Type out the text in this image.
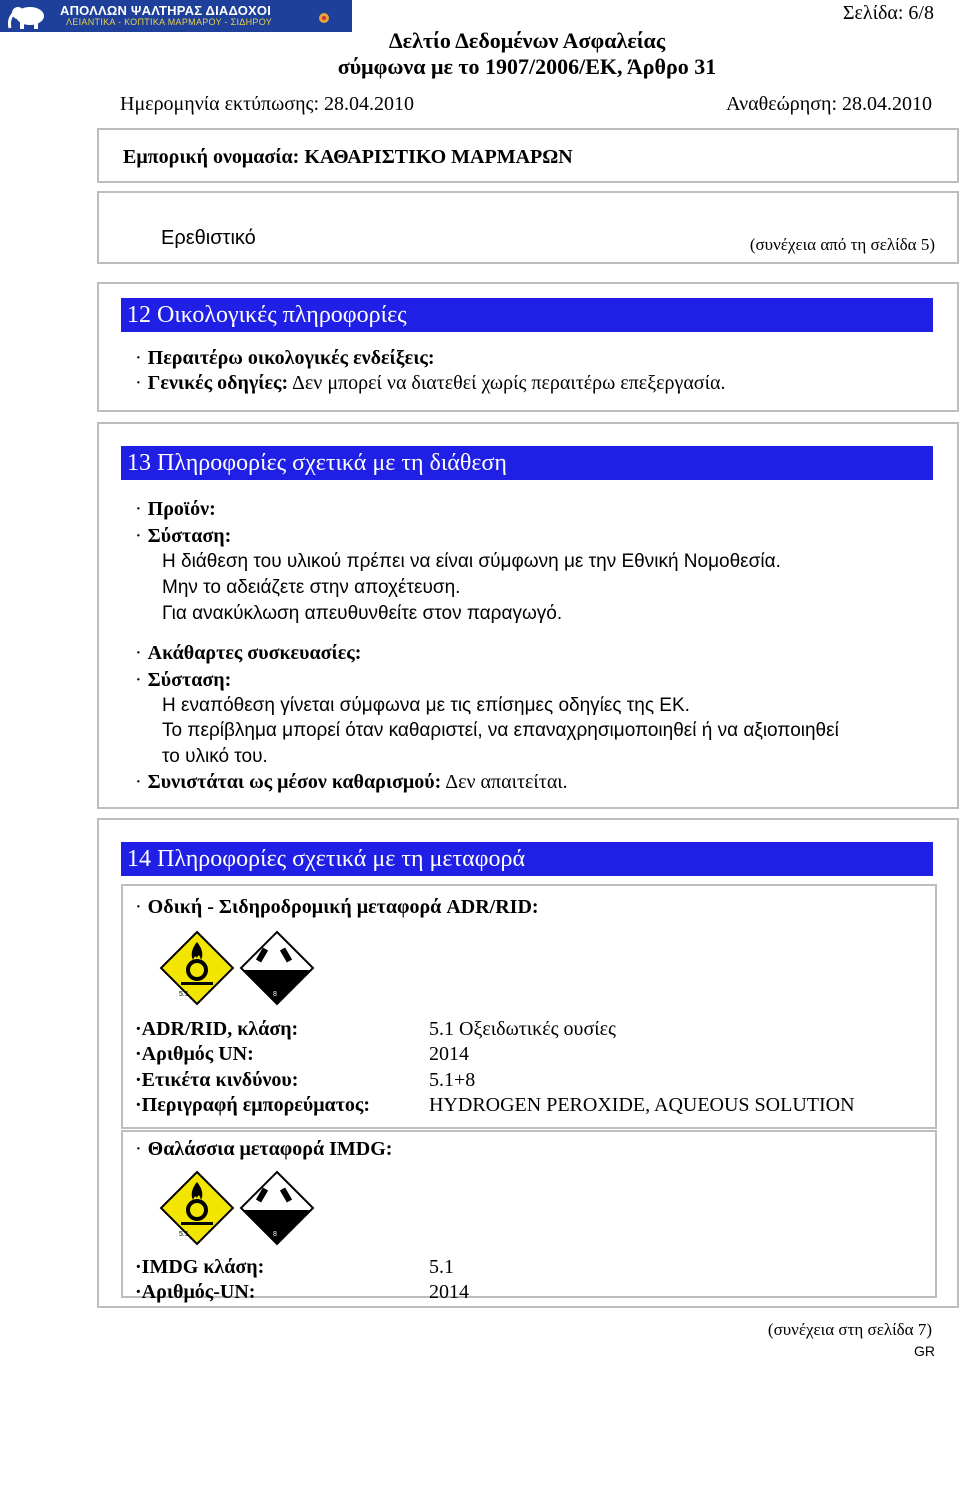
ΑΠΟΛΛΩΝ ΨΑΛΤΗΡΑΣ ΔΙΑΔΟΧΟΙ
ΛΕΙΑΝΤΙΚΑ - ΚΟΠΤΙΚΑ ΜΑΡΜΑΡΟΥ - ΣΙΔΗΡΟΥ	Σελίδα: 6/8
Δελτίο Δεδομένων Ασφαλείας
σύμφωνα με το 1907/2006/ΕΚ, Άρθρο 31
Ημερομηνία εκτύπωσης: 28.04.2010	Αναθεώρηση: 28.04.2010
Εμπορική ονομασία: ΚΑΘΑΡΙΣΤΙΚΟ ΜΑΡΜΑΡΩΝ
Ερεθιστικό	(συνέχεια από τη σελίδα 5)
12 Οικολογικές πληροφορίες
· Περαιτέρω οικολογικές ενδείξεις:
· Γενικές οδηγίες: Δεν μπορεί να διατεθεί χωρίς περαιτέρω επεξεργασία.
13 Πληροφορίες σχετικά με τη διάθεση
· Προϊόν:
· Σύσταση:
Η διάθεση του υλικού πρέπει να είναι σύμφωνη με την Εθνική Νομοθεσία.
Μην το αδειάζετε στην αποχέτευση.
Για ανακύκλωση απευθυνθείτε στον παραγωγό.
· Ακάθαρτες συσκευασίες:
· Σύσταση:
Η εναπόθεση γίνεται σύμφωνα με τις επίσημες οδηγίες της ΕΚ.
Το περίβλημα μπορεί όταν καθαριστεί, να επαναχρησιμοποιηθεί ή να αξιοποιηθεί
το υλικό του.
· Συνιστάται ως μέσον καθαρισμού: Δεν απαιτείται.
14 Πληροφορίες σχετικά με τη μεταφορά
· Οδική - Σιδηροδρομική μεταφορά ADR/RID:
5.1	8
·ADR/RID, κλάση:	5.1 Οξειδωτικές ουσίες
·Αριθμός UN:	2014
·Ετικέτα κινδύνου:	5.1+8
·Περιγραφή εμπορεύματος:	HYDROGEN PEROXIDE, AQUEOUS SOLUTION
· Θαλάσσια μεταφορά IMDG:
5.1	8
·IMDG κλάση:	5.1
·Αριθμός-UN:	2014
(συνέχεια στη σελίδα 7)
GR
